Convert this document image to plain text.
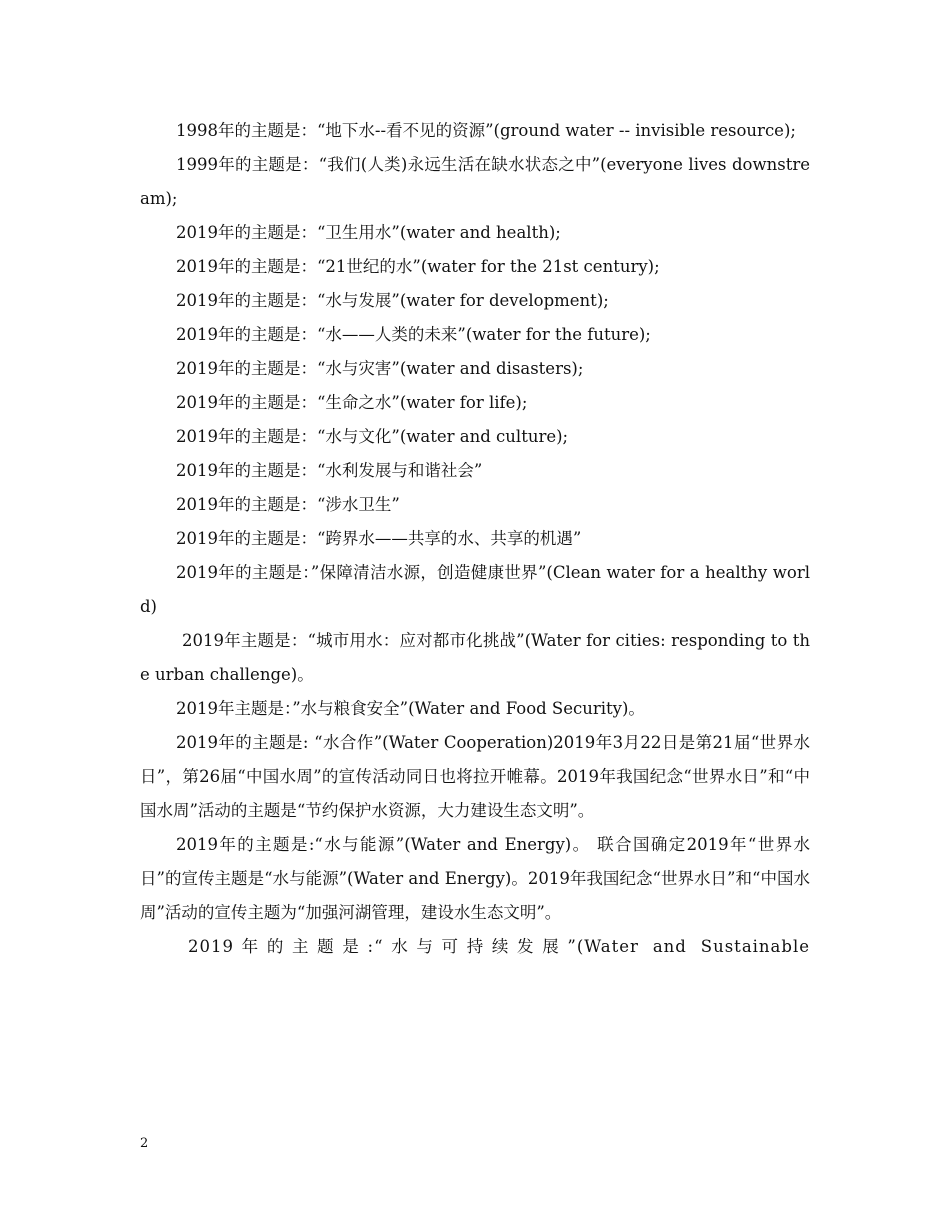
1998年的主题是：“地下水--看不见的资源”(ground water -- invisible resource);

1999年的主题是：“我们(人类)永远生活在缺水状态之中”(everyone lives downstream);

2019年的主题是：“卫生用水”(water and health);

2019年的主题是：“21世纪的水”(water for the 21st century);

2019年的主题是：“水与发展”(water for development);

2019年的主题是：“水——人类的未来”(water for the future);

2019年的主题是：“水与灾害”(water and disasters);

2019年的主题是：“生命之水”(water for life);

2019年的主题是：“水与文化”(water and culture);

2019年的主题是：“水利发展与和谐社会”

2019年的主题是：“涉水卫生”

2019年的主题是：“跨界水——共享的水、共享的机遇”

2019年的主题是：”保障清洁水源，创造健康世界”(Clean water for a healthy world)

2019年主题是：“城市用水：应对都市化挑战”(Water for cities: responding to the urban challenge)。

2019年主题是：”水与粮食安全”(Water and Food Security)。

2019年的主题是: “水合作”(Water Cooperation)2019年3月22日是第21届“世界水日”，第26届“中国水周”的宣传活动同日也将拉开帷幕。2019年我国纪念“世界水日”和“中国水周”活动的主题是“节约保护水资源，大力建设生态文明”。

2019年的主题是:“水与能源”(Water and Energy)。 联合国确定2019年“世界水日”的宣传主题是“水与能源”(Water and Energy)。2019年我国纪念“世界水日”和“中国水周”活动的宣传主题为“加强河湖管理，建设水生态文明”。

2019年的主题是:“水与可持续发展”(Water and Sustainable

2
